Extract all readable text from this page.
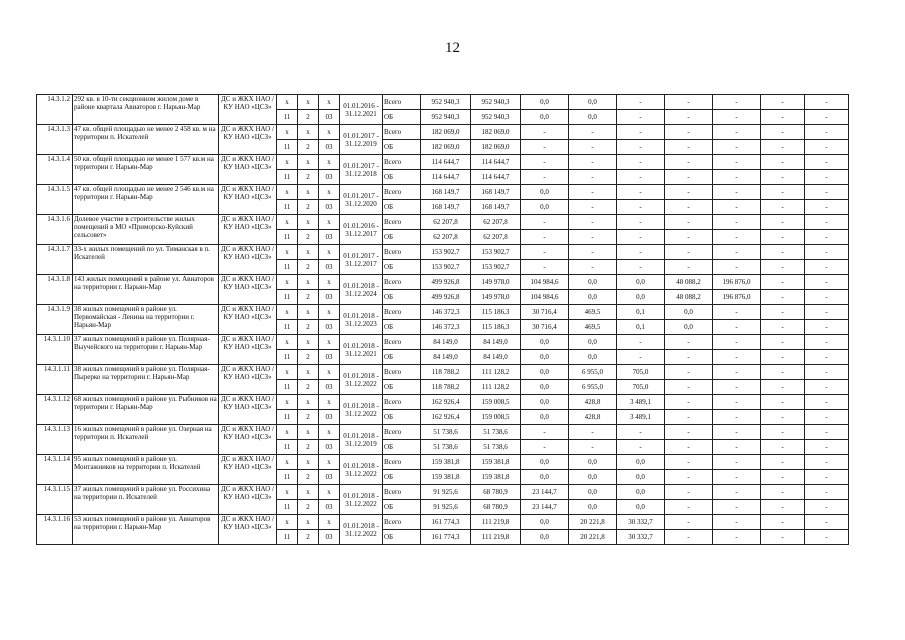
12
14.3.1.2	292 кв. в 10-ти секционном жилом доме в районе квартала Авиаторов г. Нарьян-Мар	ДС и ЖКХ НАО / КУ НАО «ЦСЗ»	x	x	x	01.01.2016 - 31.12.2021	Всего	952 940,3	952 940,3	0,0	0,0	-	-	-	-	-
			11	2	03		ОБ	952 940,3	952 940,3	0,0	0,0	-	-	-	-	-
14.3.1.3	47 кв. общей площадью не менее 2 458 кв. м на территории п. Искателей	ДС и ЖКХ НАО / КУ НАО «ЦСЗ»	x	x	x	01.01.2017 - 31.12.2019	Всего	182 069,0	182 069,0	-	-	-	-	-	-	-
			11	2	03		ОБ	182 069,0	182 069,0	-	-	-	-	-	-	-
14.3.1.4	50 кв. общей площадью не менее 1 577 кв.м на территории г. Нарьян-Мар	ДС и ЖКХ НАО / КУ НАО «ЦСЗ»	x	x	x	01.01.2017 - 31.12.2018	Всего	114 644,7	114 644,7	-	-	-	-	-	-	-
			11	2	03		ОБ	114 644,7	114 644,7	-	-	-	-	-	-	-
14.3.1.5	47 кв. общей площадью не менее 2 546 кв.м на территории г. Нарьян-Мар	ДС и ЖКХ НАО / КУ НАО «ЦСЗ»	x	x	x	01.01.2017 - 31.12.2020	Всего	168 149,7	168 149,7	0,0	-	-	-	-	-	-
			11	2	03		ОБ	168 149,7	168 149,7	0,0	-	-	-	-	-	-
14.3.1.6	Долевое участие в строительстве жилых помещений в МО «Приморско-Куйский сельсовет»	ДС и ЖКХ НАО / КУ НАО «ЦСЗ»	x	x	x	01.01.2016 - 31.12.2017	Всего	62 207,8	62 207,8	-	-	-	-	-	-	-
			11	2	03		ОБ	62 207,8	62 207,8	-	-	-	-	-	-	-
14.3.1.7	33-х жилых помещений по ул. Тиманская в п. Искателей	ДС и ЖКХ НАО / КУ НАО «ЦСЗ»	x	x	x	01.01.2017 - 31.12.2017	Всего	153 902,7	153 902,7	-	-	-	-	-	-	-
			11	2	03		ОБ	153 902,7	153 902,7	-	-	-	-	-	-	-
14.3.1.8	143 жилых помещений в районе ул. Авиаторов на территории г. Нарьян-Мар	ДС и ЖКХ НАО / КУ НАО «ЦСЗ»	x	x	x	01.01.2018 - 31.12.2024	Всего	499 926,8	149 978,0	104 984,6	0,0	0,0	48 088,2	196 876,0	-	-
			11	2	03		ОБ	499 926,8	149 978,0	104 984,6	0,0	0,0	48 088,2	196 876,0	-	-
14.3.1.9	38 жилых помещений в районе ул. Первомайская - Ленина на территории г. Нарьян-Мар	ДС и ЖКХ НАО / КУ НАО «ЦСЗ»	x	x	x	01.01.2018 - 31.12.2023	Всего	146 372,3	115 186,3	30 716,4	469,5	0,1	0,0	-	-	-
			11	2	03		ОБ	146 372,3	115 186,3	30 716,4	469,5	0,1	0,0	-	-	-
14.3.1.10	37 жилых помещений в районе ул. Полярная- Выучейского на территории г. Нарьян-Мар	ДС и ЖКХ НАО / КУ НАО «ЦСЗ»	x	x	x	01.01.2018 - 31.12.2021	Всего	84 149,0	84 149,0	0,0	0,0	-	-	-	-	-
			11	2	03		ОБ	84 149,0	84 149,0	0,0	0,0	-	-	-	-	-
14.3.1.11	38 жилых помещений в районе ул. Полярная- Пырерко на территории г. Нарьян-Мар	ДС и ЖКХ НАО / КУ НАО «ЦСЗ»	x	x	x	01.01.2018 - 31.12.2022	Всего	118 788,2	111 128,2	0,0	6 955,0	705,0	-	-	-	-
			11	2	03		ОБ	118 788,2	111 128,2	0,0	6 955,0	705,0	-	-	-	-
14.3.1.12	68 жилых помещений в районе ул. Рыбников на территории г. Нарьян-Мар	ДС и ЖКХ НАО / КУ НАО «ЦСЗ»	x	x	x	01.01.2018 - 31.12.2022	Всего	162 926,4	159 008,5	0,0	428,8	3 489,1	-	-	-	-
			11	2	03		ОБ	162 926,4	159 008,5	0,0	428,8	3 489,1	-	-	-	-
14.3.1.13	16 жилых помещений в районе ул. Озерная на территории п. Искателей	ДС и ЖКХ НАО / КУ НАО «ЦСЗ»	x	x	x	01.01.2018 - 31.12.2019	Всего	51 738,6	51 738,6	-	-	-	-	-	-	-
			11	2	03		ОБ	51 738,6	51 738,6	-	-	-	-	-	-	-
14.3.1.14	95 жилых помещений в районе ул. Монтажников на территории п. Искателей	ДС и ЖКХ НАО / КУ НАО «ЦСЗ»	x	x	x	01.01.2018 - 31.12.2022	Всего	159 381,8	159 381,8	0,0	0,0	0,0	-	-	-	-
			11	2	03		ОБ	159 381,8	159 381,8	0,0	0,0	0,0	-	-	-	-
14.3.1.15	37 жилых помещений в районе ул. Россихина на территории п. Искателей	ДС и ЖКХ НАО / КУ НАО «ЦСЗ»	x	x	x	01.01.2018 - 31.12.2022	Всего	91 925,6	68 780,9	23 144,7	0,0	0,0	-	-	-	-
			11	2	03		ОБ	91 925,6	68 780,9	23 144,7	0,0	0,0	-	-	-	-
14.3.1.16	53 жилых помещений в районе ул. Авиаторов на территории г. Нарьян-Мар	ДС и ЖКХ НАО / КУ НАО «ЦСЗ»	x	x	x	01.01.2018 - 31.12.2022	Всего	161 774,3	111 219,8	0,0	20 221,8	30 332,7	-	-	-	-
			11	2	03		ОБ	161 774,3	111 219,8	0,0	20 221,8	30 332,7	-	-	-	-
